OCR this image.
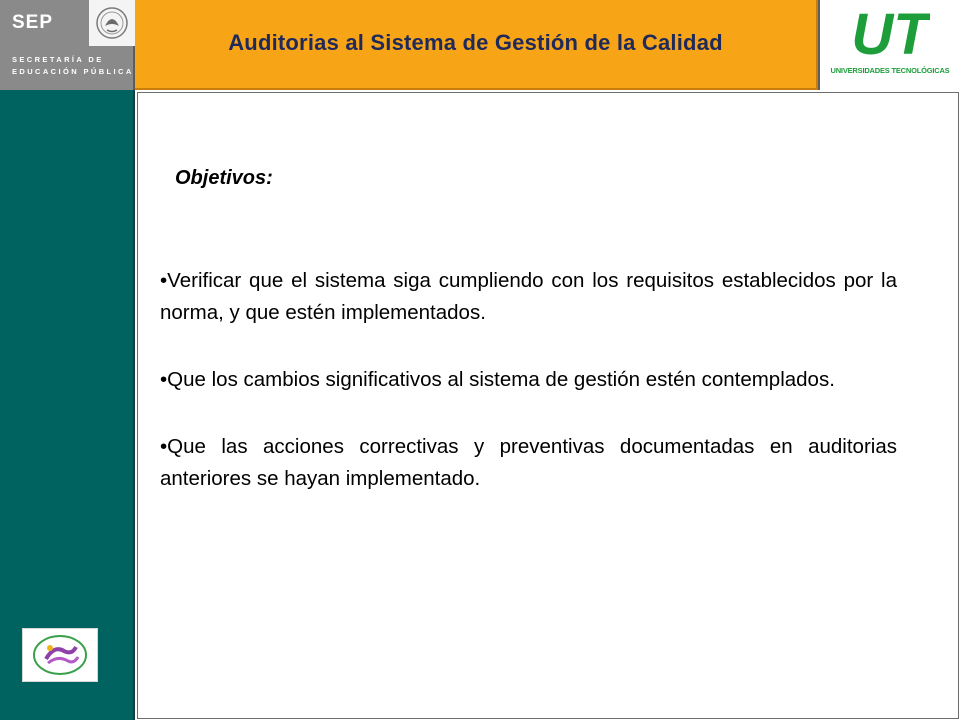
SEP
SECRETARÍA DE
EDUCACIÓN PÚBLICA
Auditorias al Sistema de Gestión de la Calidad	UT
UNIVERSIDADES TECNOLÓGICAS
Objetivos:
•Verificar que el sistema siga cumpliendo con los requisitos establecidos por la norma, y que estén implementados.
•Que los cambios significativos al sistema de gestión estén contemplados.
•Que las acciones correctivas y preventivas documentadas en auditorias anteriores se hayan implementado.
